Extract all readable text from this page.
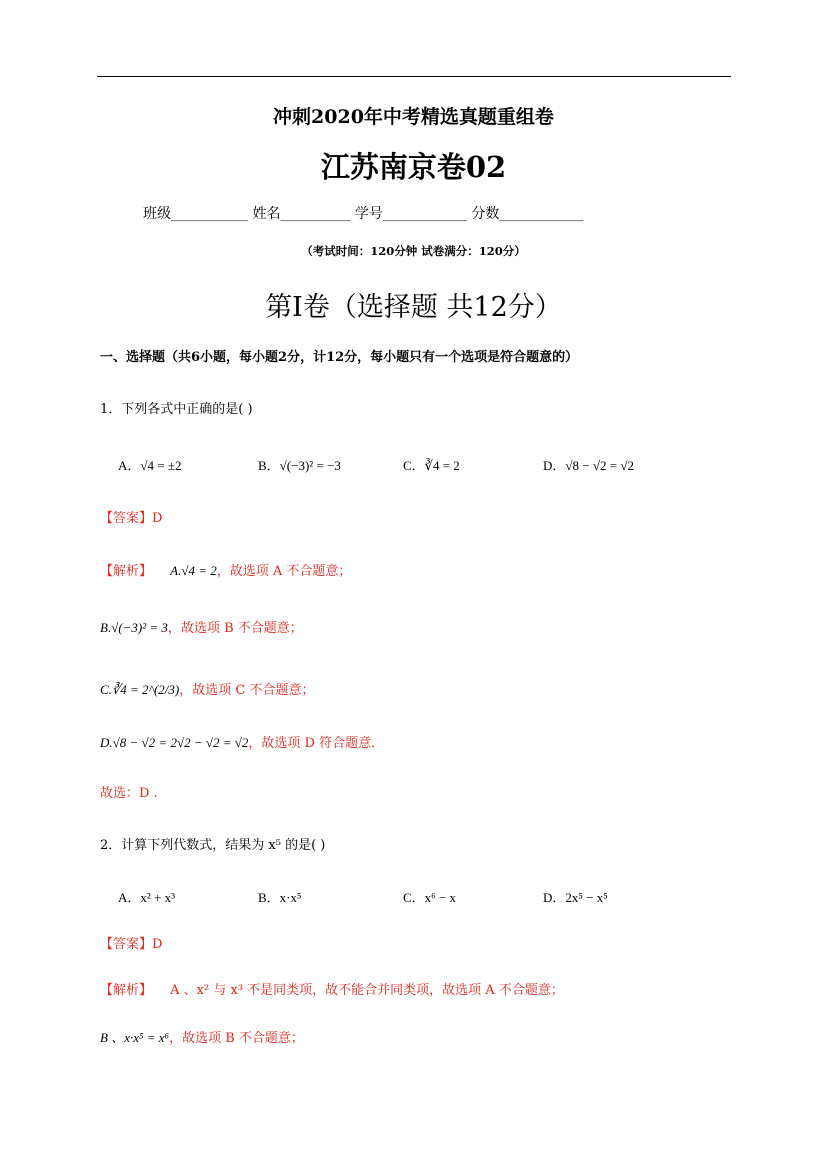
冲刺2020年中考精选真题重组卷
江苏南京卷02
班级___________ 姓名__________ 学号____________ 分数____________
（考试时间：120分钟 试卷满分：120分）
第Ⅰ卷（选择题 共12分）
一、选择题（共6小题，每小题2分，计12分，每小题只有一个选项是符合题意的）
1．下列各式中正确的是( )
A．√4 = ±2	B．√(−3)² = −3	C．∛4 = 2	D．√8 − √2 = √2
【答案】D
【解析】 A.√4 = 2，故选项 A 不合题意；
B.√(−3)² = 3，故选项 B 不合题意；
C.∛4 = 2^(2/3)，故选项 C 不合题意；
D.√8 − √2 = 2√2 − √2 = √2，故选项 D 符合题意．
故选：D .
2．计算下列代数式，结果为 x⁵ 的是( )
A．x² + x³	B．x·x⁵	C．x⁶ − x	D．2x⁵ − x⁵
【答案】D
【解析】 A 、x² 与 x³ 不是同类项，故不能合并同类项，故选项 A 不合题意；
B 、x·x⁵ = x⁶，故选项 B 不合题意；
